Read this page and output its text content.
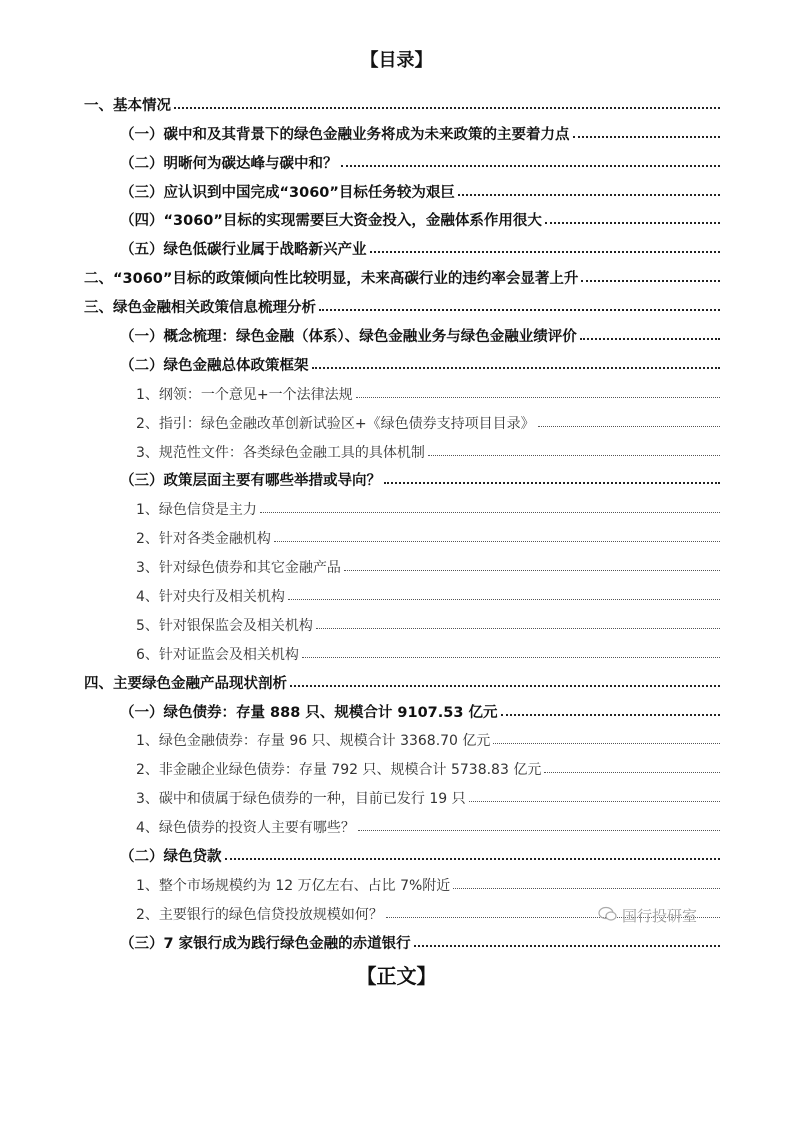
【目录】
一、基本情况
（一）碳中和及其背景下的绿色金融业务将成为未来政策的主要着力点
（二）明晰何为碳达峰与碳中和？
（三）应认识到中国完成“3060”目标任务较为艰巨
（四）“3060”目标的实现需要巨大资金投入，金融体系作用很大
（五）绿色低碳行业属于战略新兴产业
二、“3060”目标的政策倾向性比较明显，未来高碳行业的违约率会显著上升
三、绿色金融相关政策信息梳理分析
（一）概念梳理：绿色金融（体系）、绿色金融业务与绿色金融业绩评价
（二）绿色金融总体政策框架
1、纲领：一个意见+一个法律法规
2、指引：绿色金融改革创新试验区+《绿色债券支持项目目录》
3、规范性文件：各类绿色金融工具的具体机制
（三）政策层面主要有哪些举措或导向？
1、绿色信贷是主力
2、针对各类金融机构
3、针对绿色债券和其它金融产品
4、针对央行及相关机构
5、针对银保监会及相关机构
6、针对证监会及相关机构
四、主要绿色金融产品现状剖析
（一）绿色债券：存量 888 只、规模合计 9107.53 亿元
1、绿色金融债券：存量 96 只、规模合计 3368.70 亿元
2、非金融企业绿色债券：存量 792 只、规模合计 5738.83 亿元
3、碳中和债属于绿色债券的一种，目前已发行 19 只
4、绿色债券的投资人主要有哪些？
（二）绿色贷款
1、整个市场规模约为 12 万亿左右、占比 7%附近
2、主要银行的绿色信贷投放规模如何？
（三）7 家银行成为践行绿色金融的赤道银行
【正文】
国行投研室
